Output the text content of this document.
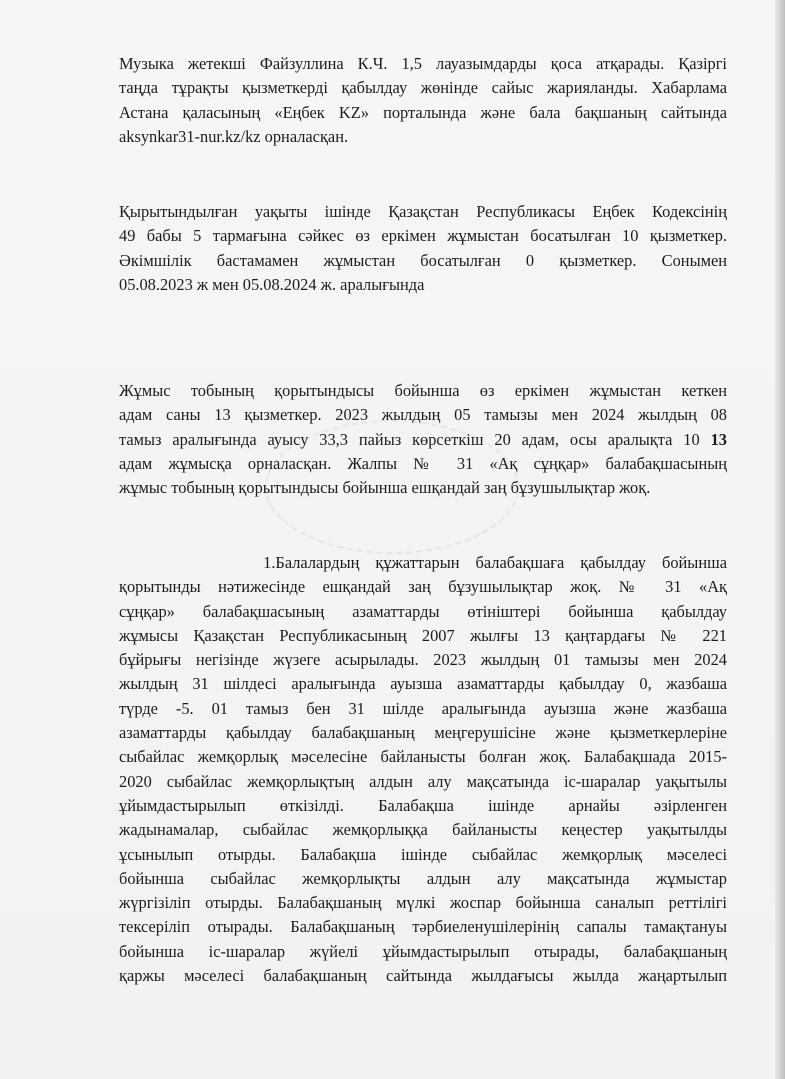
Музыка жетекші Файзуллина К.Ч. 1,5 лауазымдарды қоса атқарады. Қазіргі
таңда тұрақты қызметкерді қабылдау жөнінде сайыс жарияланды. Хабарлама
Астана қаласының «Еңбек KZ» порталында және бала бақшаның сайтында
aksynkar31-nur.kz/kz орналасқан.
Қырытындылған уақыты ішінде Қазақстан Республикасы Еңбек Кодексінің
49 бабы 5 тармағына сәйкес өз еркімен жұмыстан босатылған 10 қызметкер.
Әкімшілік бастамамен жұмыстан босатылған 0 қызметкер. Сонымен
05.08.2023 ж мен 05.08.2024 ж. аралығында
Жұмыс тобының қорытындысы бойынша өз еркімен жұмыстан кеткен
адам саны 13 қызметкер. 2023 жылдың 05 тамызы мен 2024 жылдың 08
тамыз аралығында ауысу 33,3 пайыз көрсеткіш 20 адам, осы аралықта 10 13
адам жұмысқа орналасқан. Жалпы № 31 «Ақ сұңқар» балабақшасының
жұмыс тобының қорытындысы бойынша ешқандай заң бұзушылықтар жоқ.
1.Балалардың  құжаттарын  балабақшаға  қабылдау  бойынша
қорытынды нәтижесінде ешқандай заң бұзушылықтар жоқ. № 31 «Ақ
сұңқар» балабақшасының азаматтарды өтініштері бойынша қабылдау
жұмысы Қазақстан Республикасының 2007 жылғы 13 қаңтардағы № 221
бұйрығы негізінде жүзеге асырылады. 2023 жылдың 01 тамызы мен 2024
жылдың 31 шілдесі аралығында ауызша азаматтарды қабылдау 0, жазбаша
түрде -5. 01 тамыз бен 31 шілде аралығында ауызша және жазбаша
азаматтарды қабылдау балабақшаның меңгерушісіне және қызметкерлеріне
сыбайлас жемқорлық мәселесіне байланысты болған жоқ. Балабақшада 2015-
2020 сыбайлас жемқорлықтың алдын алу мақсатында іс-шаралар уақытылы
ұйымдастырылып өткізілді. Балабақша ішінде арнайы әзірленген
жадынамалар, сыбайлас жемқорлыққа байланысты кеңестер уақытылды
ұсынылып отырды. Балабақша ішінде сыбайлас жемқорлық мәселесі
бойынша сыбайлас жемқорлықты алдын алу мақсатында жұмыстар
жүргізіліп отырды. Балабақшаның мүлкі жоспар бойынша саналып реттілігі
тексеріліп отырады. Балабақшаның тәрбиеленушілерінің сапалы тамақтануы
бойынша іс-шаралар жүйелі ұйымдастырылып отырады, балабақшаның
қаржы мәселесі балабақшаның сайтында жылдағысы жылда жаңартылып
